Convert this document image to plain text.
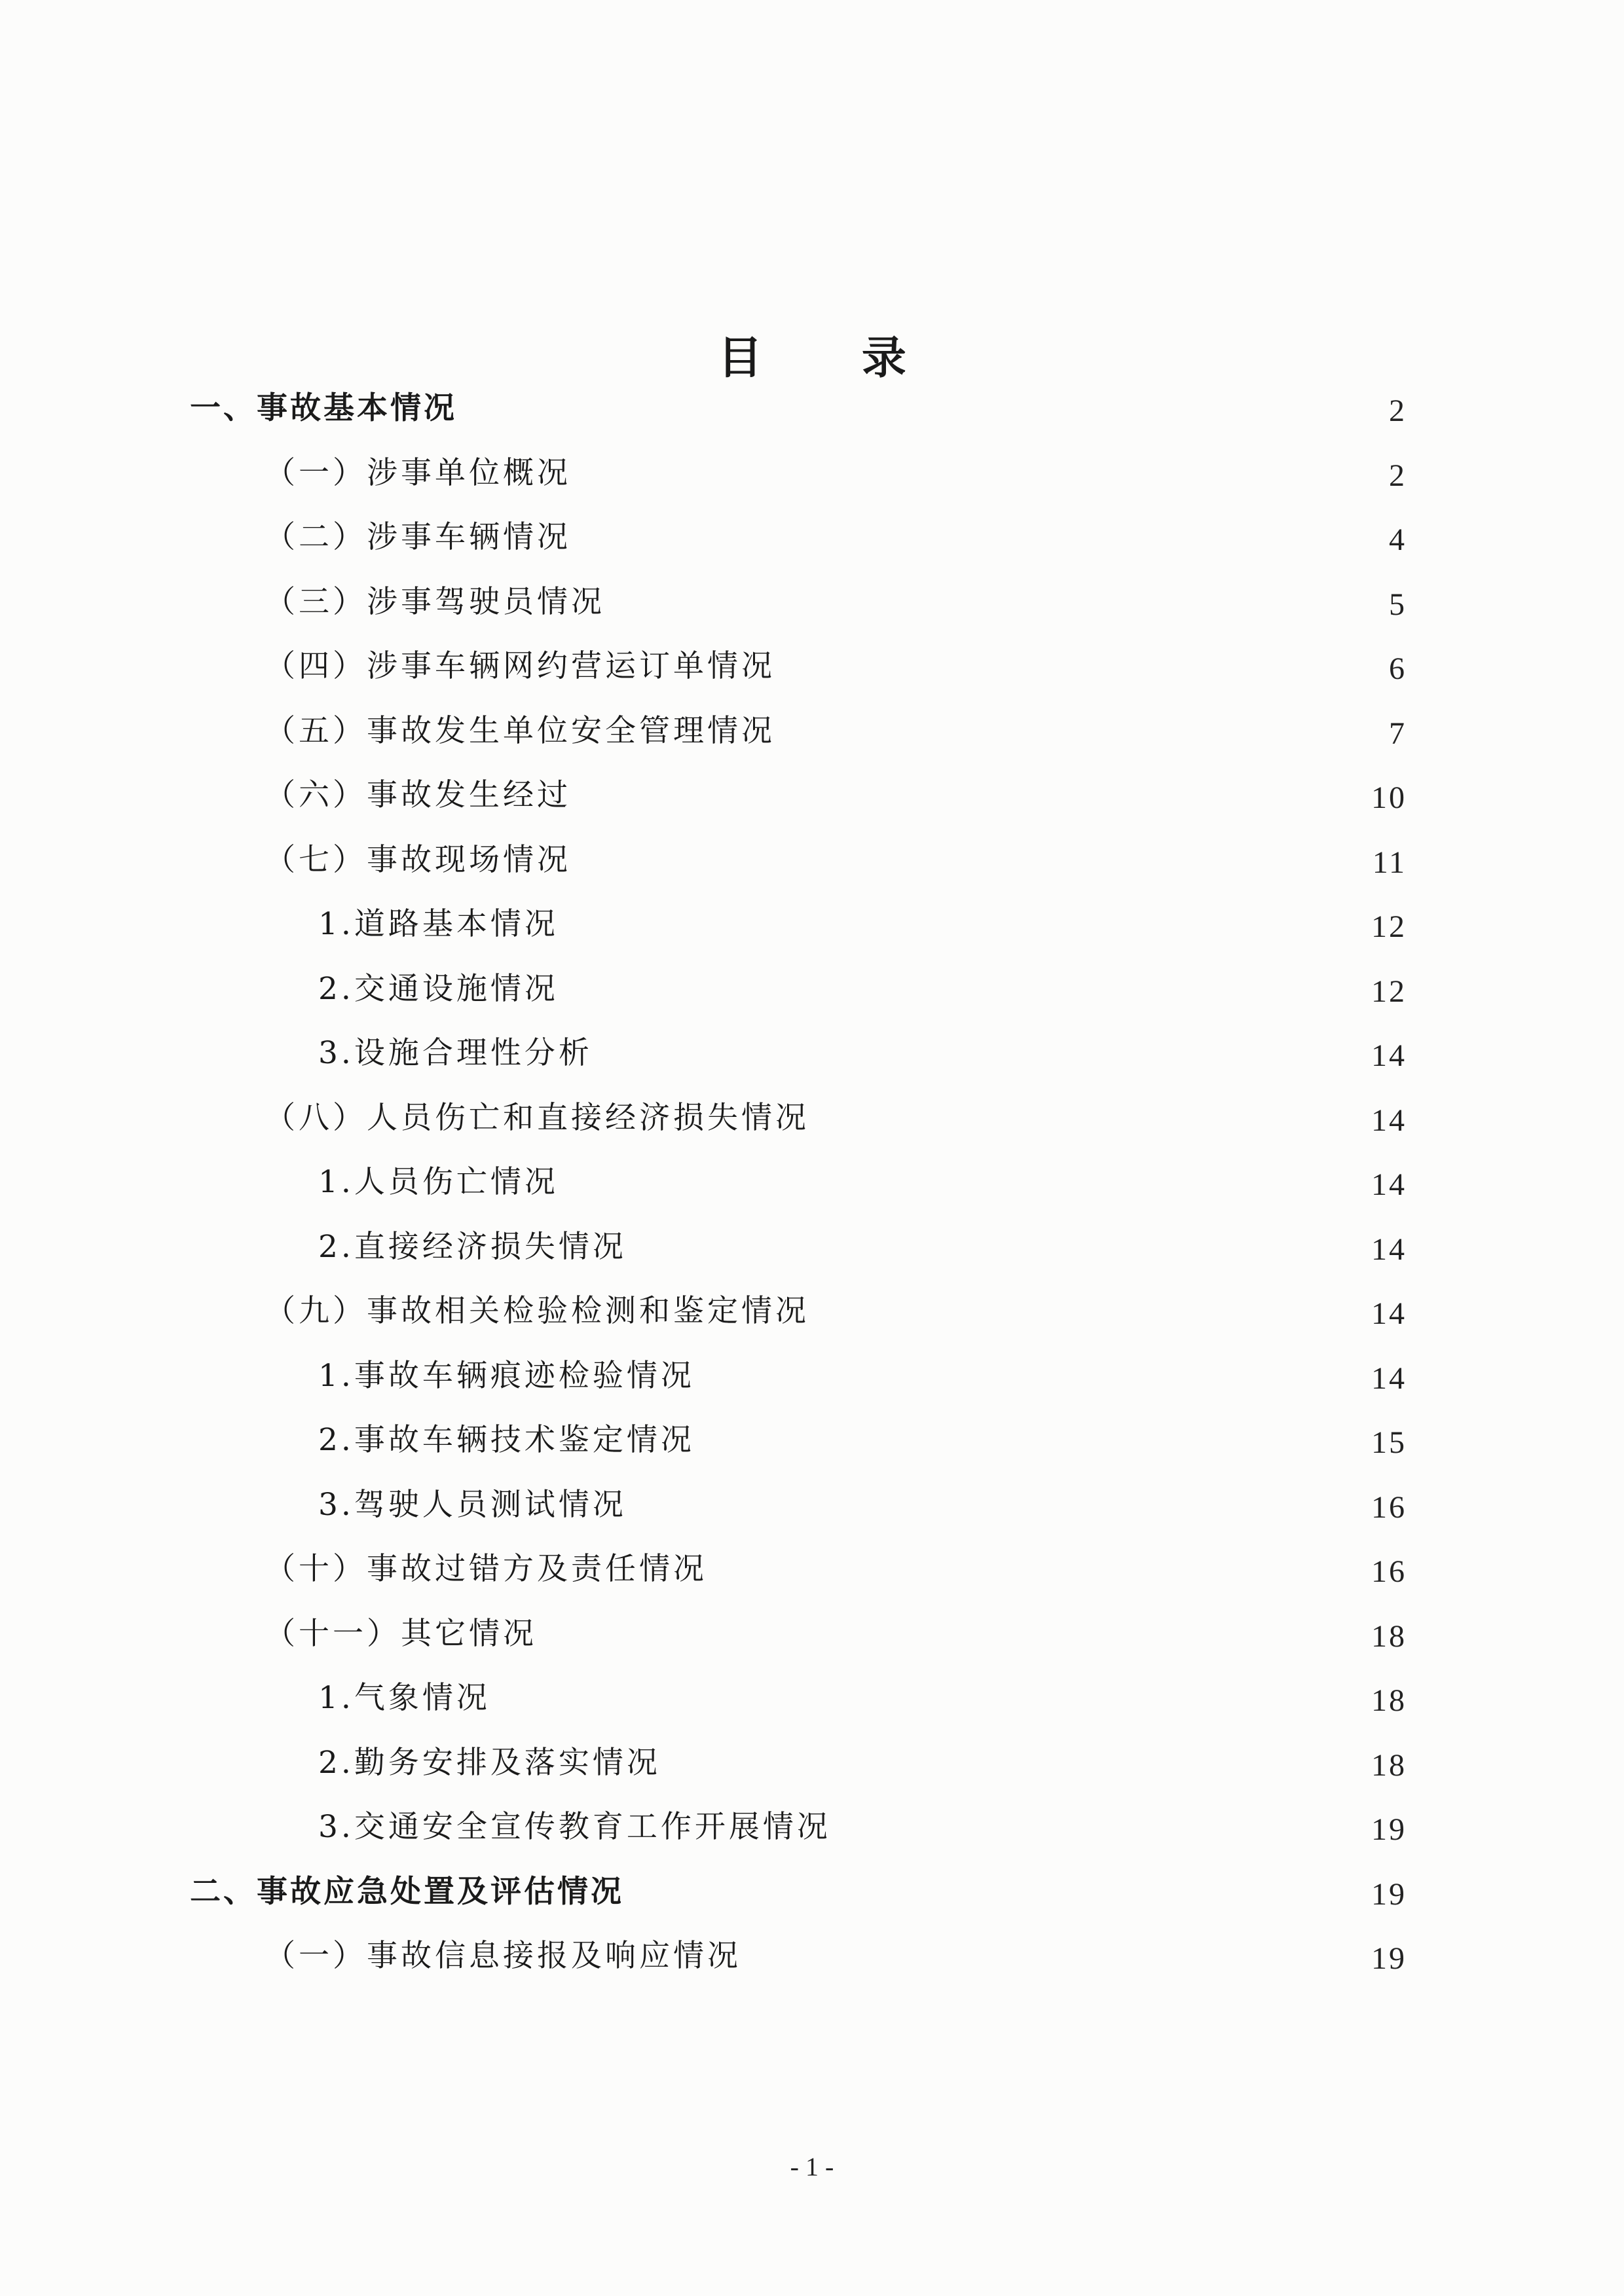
目 录
一、事故基本情况	2
（一）涉事单位概况	2
（二）涉事车辆情况	4
（三）涉事驾驶员情况	5
（四）涉事车辆网约营运订单情况	6
（五）事故发生单位安全管理情况	7
（六）事故发生经过	10
（七）事故现场情况	11
1.道路基本情况	12
2.交通设施情况	12
3.设施合理性分析	14
（八）人员伤亡和直接经济损失情况	14
1.人员伤亡情况	14
2.直接经济损失情况	14
（九）事故相关检验检测和鉴定情况	14
1.事故车辆痕迹检验情况	14
2.事故车辆技术鉴定情况	15
3.驾驶人员测试情况	16
（十）事故过错方及责任情况	16
（十一）其它情况	18
1.气象情况	18
2.勤务安排及落实情况	18
3.交通安全宣传教育工作开展情况	19
二、事故应急处置及评估情况	19
（一）事故信息接报及响应情况	19
- 1 -
